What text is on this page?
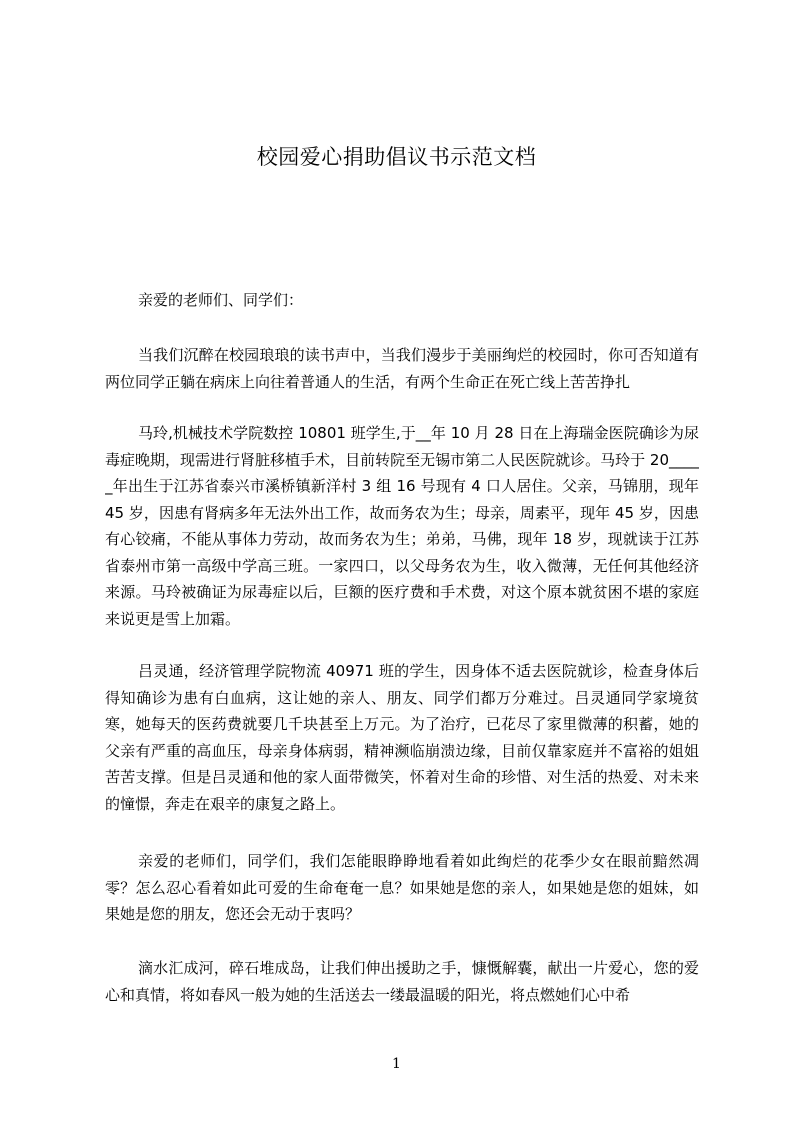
校园爱心捐助倡议书示范文档
亲爱的老师们、同学们：
当我们沉醉在校园琅琅的读书声中，当我们漫步于美丽绚烂的校园时，你可否知道有两位同学正躺在病床上向往着普通人的生活，有两个生命正在死亡线上苦苦挣扎
马玲,机械技术学院数控 10801 班学生,于__年 10 月 28 日在上海瑞金医院确诊为尿毒症晚期，现需进行肾脏移植手术，目前转院至无锡市第二人民医院就诊。马玲于 20_____年出生于江苏省泰兴市溪桥镇新洋村 3 组 16 号现有 4 口人居住。父亲，马锦朋，现年 45 岁，因患有肾病多年无法外出工作，故而务农为生；母亲，周素平，现年 45 岁，因患有心铰痛，不能从事体力劳动，故而务农为生；弟弟，马佛，现年 18 岁，现就读于江苏省泰州市第一高级中学高三班。一家四口，以父母务农为生，收入微薄，无任何其他经济来源。马玲被确证为尿毒症以后，巨额的医疗费和手术费，对这个原本就贫困不堪的家庭来说更是雪上加霜。
吕灵通，经济管理学院物流 40971 班的学生，因身体不适去医院就诊，检查身体后得知确诊为患有白血病，这让她的亲人、朋友、同学们都万分难过。吕灵通同学家境贫寒，她每天的医药费就要几千块甚至上万元。为了治疗，已花尽了家里微薄的积蓄，她的父亲有严重的高血压，母亲身体病弱，精神濒临崩溃边缘，目前仅靠家庭并不富裕的姐姐苦苦支撑。但是吕灵通和他的家人面带微笑，怀着对生命的珍惜、对生活的热爱、对未来的憧憬，奔走在艰辛的康复之路上。
亲爱的老师们，同学们，我们怎能眼睁睁地看着如此绚烂的花季少女在眼前黯然凋零？怎么忍心看着如此可爱的生命奄奄一息？如果她是您的亲人，如果她是您的姐妹，如果她是您的朋友，您还会无动于衷吗？
滴水汇成河，碎石堆成岛，让我们伸出援助之手，慷慨解囊，献出一片爱心，您的爱心和真情，将如春风一般为她的生活送去一缕最温暖的阳光，将点燃她们心中希
1
